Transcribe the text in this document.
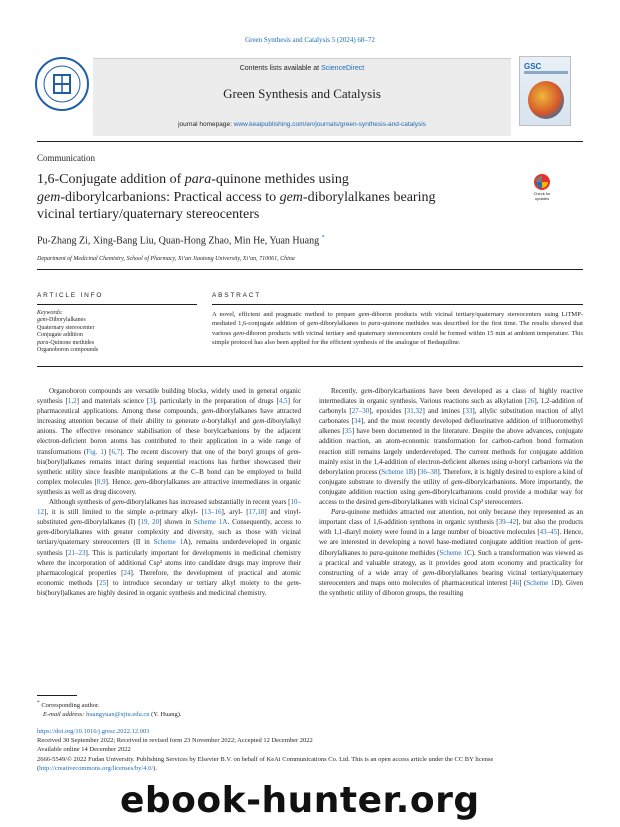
Green Synthesis and Catalysis 5 (2024) 68–72
Contents lists available at ScienceDirect
Green Synthesis and Catalysis
journal homepage: www.keaipublishing.com/en/journals/green-synthesis-and-catalysis
GSC
Communication
1,6-Conjugate addition of para-quinone methides using
gem-diborylcarbanions: Practical access to gem-diborylalkanes bearing
vicinal tertiary/quaternary stereocenters
Check for
updates
Pu-Zhang Zi, Xing-Bang Liu, Quan-Hong Zhao, Min He, Yuan Huang *
Department of Medicinal Chemistry, School of Pharmacy, Xi’an Jiaotong University, Xi’an, 710061, China
ARTICLE INFO	ABSTRACT
Keywords:
gem-Diborylalkanes
Quaternary stereocenter
Conjugate addition
para-Quinone methides
Organoboron compounds
A novel, efficient and pragmatic method to prepare gem-diboron products with vicinal tertiary/quaternary stereocenters using LiTMP-mediated 1,6-conjugate addition of gem-diborylalkanes to para-quinone methides was described for the first time. The results showed that various gem-diboron products with vicinal tertiary and quaternary stereocenters could be formed within 15 min at ambient temperature. This simple protocol has also been applied for the efficient synthesis of the analogue of Bedaquiline.

Organoboron compounds are versatile building blocks, widely used in general organic synthesis [1,2] and materials science [3], particularly in the preparation of drugs [4,5] for pharmaceutical applications. Among these compounds, gem-diborylalkanes have attracted increasing attention because of their ability to generate α-borylalkyl and gem-diborylalkyl anions. The effective resonance stabilisation of these borylcarbanions by the adjacent electron-deficient boron atoms has contributed to their application in a wide range of transformations (Fig. 1) [6,7]. The recent discovery that one of the boryl groups of gem-bis(boryl)alkanes remains intact during sequential reactions has further showcased their synthetic utility since feasible manipulations at the C–B bond can be employed to build complex molecules [8,9]. Hence, gem-diborylalkanes are attractive intermediates in organic synthesis as well as drug discovery.

Although synthesis of gem-diborylalkanes has increased substantially in recent years [10–12], it is still limited to the simple α-primary alkyl- [13–16], aryl- [17,18] and vinyl-substituted gem-diborylalkanes (I) [19, 20] shown in Scheme 1A. Consequently, access to gem-diborylalkanes with greater complexity and diversity, such as those with vicinal tertiary/quaternary stereocenters (II in Scheme 1A), remains underdeveloped in organic synthesis [21–23]. This is particularly important for developments in medicinal chemistry where the incorporation of additional Csp³ atoms into candidate drugs may improve their pharmacological properties [24]. Therefore, the development of practical and atomic economic methods [25] to introduce secondary or tertiary alkyl moiety to the gem-bis(boryl)alkanes are highly desired in organic synthesis and medicinal chemistry.

Recently, gem-diborylcarbanions have been developed as a class of highly reactive intermediates in organic synthesis. Various reactions such as alkylation [26], 1,2-addition of carbonyls [27–30], epoxides [31,32] and imines [33], allylic substitution reaction of allyl carbonates [34], and the most recently developed defluorinative addition of trifluoromethyl alkenes [35] have been documented in the literature. Despite the above advances, conjugate addition reaction, an atom-economic transformation for carbon-carbon bond formation reaction still remains largely underdeveloped. The current methods for conjugate addition mainly exist in the 1,4-addition of electron-deficient alkenes using α-boryl carbanions via the deborylation process (Scheme 1B) [36–38]. Therefore, it is highly desired to explore a kind of conjugate substrate to diversify the utility of gem-diborylcarbanions. More importantly, the conjugate addition reaction using gem-diborylcarbanions could provide a modular way for access to the desired gem-diborylalkanes with vicinal Csp³ stereocenters.

Para-quinone methides attracted our attention, not only because they represented as an important class of 1,6-addition synthons in organic synthesis [39–42], but also the products with 1,1-diaryl moiety were found in a large number of bioactive molecules [43–45]. Hence, we are interested in developing a novel base-mediated conjugate addition reaction of gem-diborylalkanes to para-quinone methides (Scheme 1C). Such a transformation was viewed as a practical and valuable strategy, as it provides good atom economy and practicality for constructing of a wide array of gem-diborylalkanes bearing vicinal tertiary/quaternary stereocenters and maps onto molecules of pharmaceutical interest [46] (Scheme 1D). Given the synthetic utility of diboron groups, the resulting

* Corresponding author.
E-mail address: huangyuan@xjtu.edu.cn (Y. Huang).
https://doi.org/10.1016/j.gresc.2022.12.003
Received 30 September 2022; Received in revised form 23 November 2022; Accepted 12 December 2022
Available online 14 December 2022
2666-5549/© 2022 Fudan University. Publishing Services by Elsevier B.V. on behalf of KeAi Communications Co. Ltd. This is an open access article under the CC BY license (http://creativecommons.org/licenses/by/4.0/).
ebook-hunter.org
